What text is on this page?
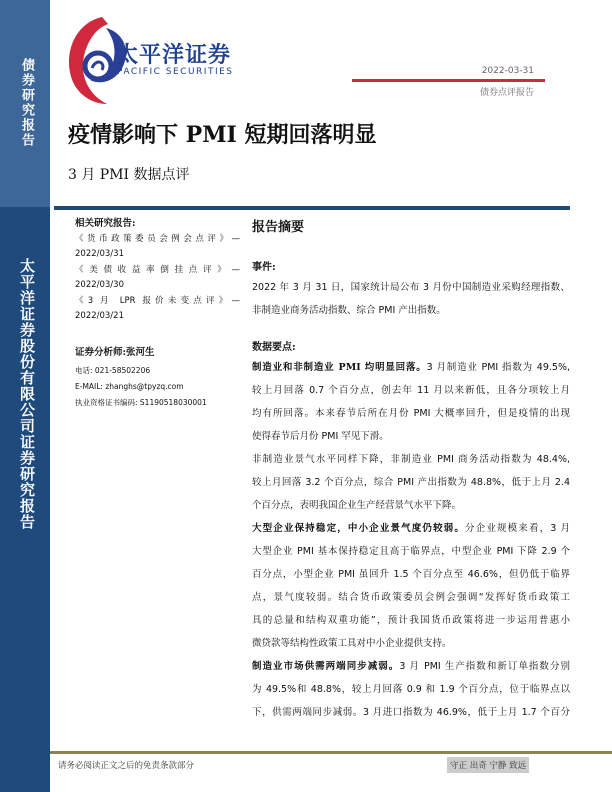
债券研究报告
太平洋证券股份有限公司证券研究报告
太平洋证券
PACIFIC SECURITIES	2022-03-31
债券点评报告
疫情影响下 PMI 短期回落明显
3 月 PMI 数据点评
相关研究报告:
《货币政策委员会例会点评》—
2022/03/31
《美债收益率倒挂点评》—
2022/03/30
《3 月 LPR 报价未变点评》—
2022/03/21
证券分析师:张河生
电话: 021-58502206
E-MAIL: zhanghs@tpyzq.com
执业资格证书编码: S1190518030001
报告摘要
事件:
2022 年 3 月 31 日，国家统计局公布 3 月份中国制造业采购经理指数、
非制造业商务活动指数、综合 PMI 产出指数。
数据要点:
制造业和非制造业 PMI 均明显回落。3 月制造业 PMI 指数为 49.5%,
较上月回落 0.7 个百分点，创去年 11 月以来新低，且各分项较上月
均有所回落。本来春节后所在月份 PMI 大概率回升，但是疫情的出现
使得春节后月份 PMI 罕见下滑。
非制造业景气水平同样下降，非制造业 PMI 商务活动指数为 48.4%,
较上月回落 3.2 个百分点，综合 PMI 产出指数为 48.8%，低于上月 2.4
个百分点，表明我国企业生产经营景气水平下降。
大型企业保持稳定，中小企业景气度仍较弱。分企业规模来看，3 月
大型企业 PMI 基本保持稳定且高于临界点，中型企业 PMI 下降 2.9 个
百分点，小型企业 PMI 虽回升 1.5 个百分点至 46.6%，但仍低于临界
点，景气度较弱。结合货币政策委员会例会强调“发挥好货币政策工
具的总量和结构双重功能”，预计我国货币政策将进一步运用普惠小
微贷款等结构性政策工具对中小企业提供支持。
制造业市场供需两端同步减弱。3 月 PMI 生产指数和新订单指数分别
为 49.5%和 48.8%，较上月回落 0.9 和 1.9 个百分点，位于临界点以
下，供需两端同步减弱。3 月进口指数为 46.9%，低于上月 1.7 个百分
请务必阅读正文之后的免责条款部分	守正 出奇 宁静 致远
